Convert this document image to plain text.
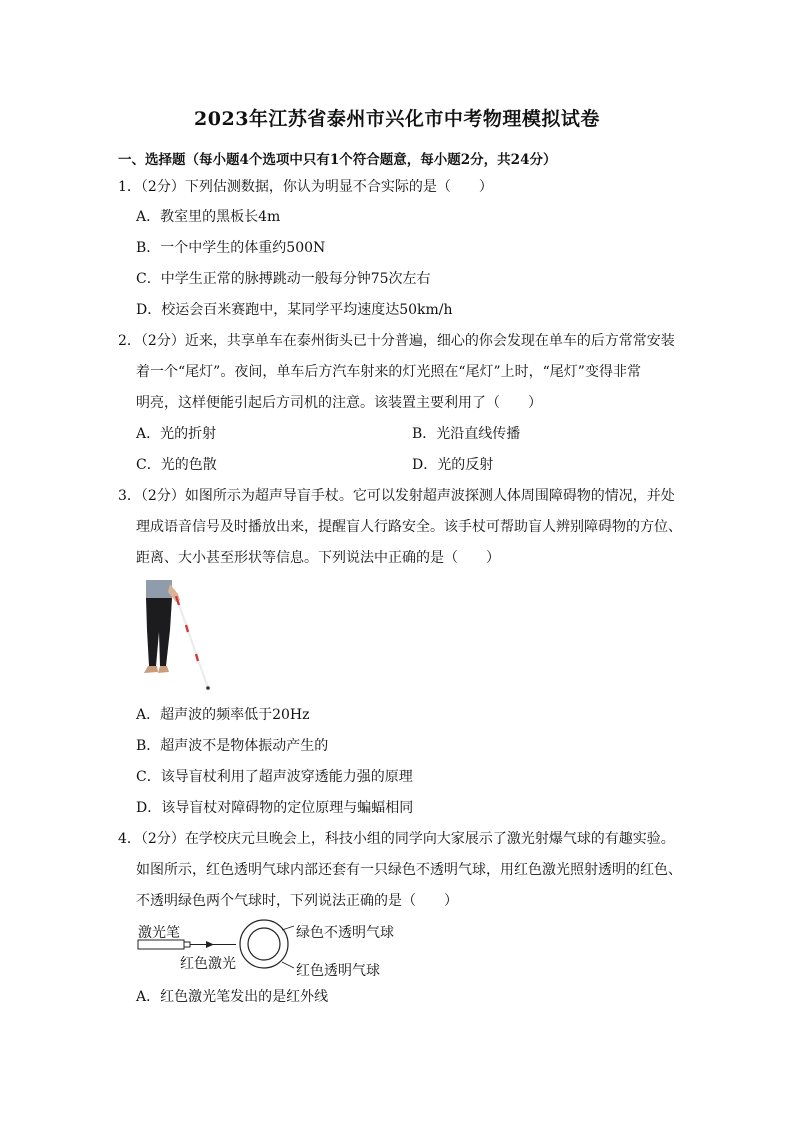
2023年江苏省泰州市兴化市中考物理模拟试卷
一、选择题（每小题4个选项中只有1个符合题意，每小题2分，共24分）
1．（2分）下列估测数据，你认为明显不合实际的是（　　）
A．教室里的黑板长4m
B．一个中学生的体重约500N
C．中学生正常的脉搏跳动一般每分钟75次左右
D．校运会百米赛跑中，某同学平均速度达50km/h
2．（2分）近来，共享单车在泰州街头已十分普遍，细心的你会发现在单车的后方常常安装
着一个“尾灯”。夜间，单车后方汽车射来的灯光照在“尾灯”上时，“尾灯”变得非常
明亮，这样便能引起后方司机的注意。该装置主要利用了（　　）
A．光的折射	B．光沿直线传播
C．光的色散	D．光的反射
3．（2分）如图所示为超声导盲手杖。它可以发射超声波探测人体周围障碍物的情况，并处
理成语音信号及时播放出来，提醒盲人行路安全。该手杖可帮助盲人辨别障碍物的方位、
距离、大小甚至形状等信息。下列说法中正确的是（　　）
A．超声波的频率低于20Hz
B．超声波不是物体振动产生的
C．该导盲杖利用了超声波穿透能力强的原理
D．该导盲杖对障碍物的定位原理与蝙蝠相同
4．（2分）在学校庆元旦晚会上，科技小组的同学向大家展示了激光射爆气球的有趣实验。
如图所示，红色透明气球内部还套有一只绿色不透明气球，用红色激光照射透明的红色、
不透明绿色两个气球时，下列说法正确的是（　　）
激光笔
红色激光
绿色不透明气球
红色透明气球
A．红色激光笔发出的是红外线
